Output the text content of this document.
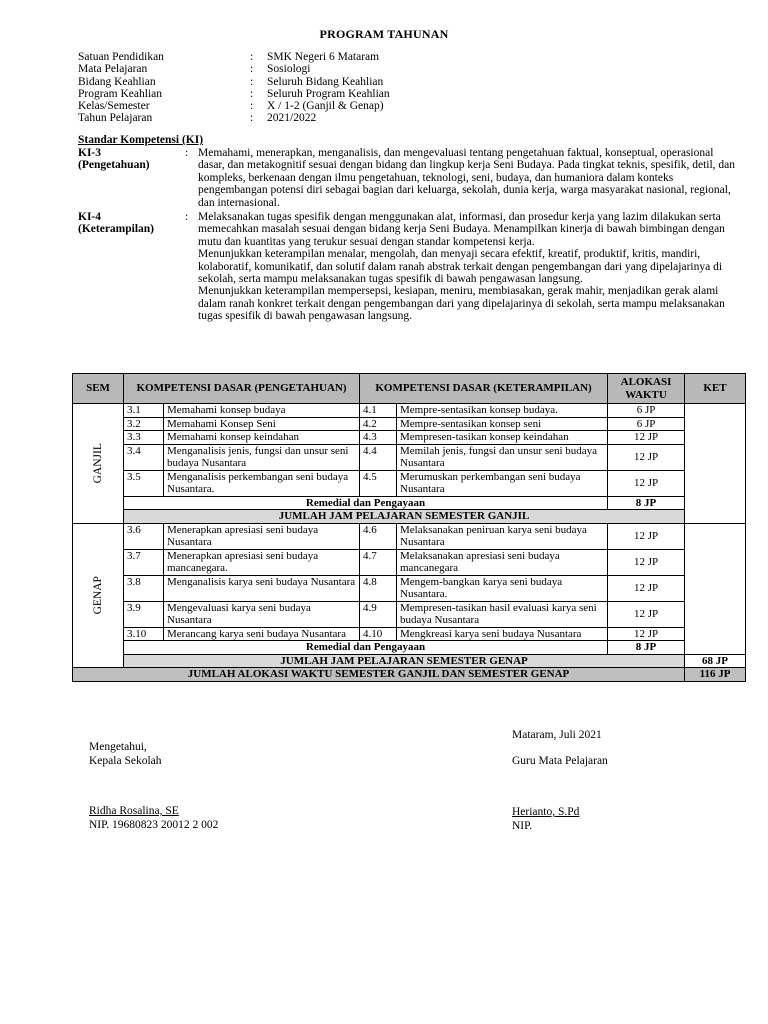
PROGRAM TAHUNAN
Satuan Pendidikan	:	SMK Negeri 6 Mataram
Mata Pelajaran	:	Sosiologi
Bidang Keahlian	:	Seluruh Bidang Keahlian
Program Keahlian	:	Seluruh Program Keahlian
Kelas/Semester	:	X / 1-2 (Ganjil & Genap)
Tahun Pelajaran	:	2021/2022
Standar Kompetensi (KI)
KI-3
(Pengetahuan)
: Memahami, menerapkan, menganalisis, dan mengevaluasi tentang pengetahuan faktual, konseptual, operasional dasar, dan metakognitif sesuai dengan bidang dan lingkup kerja Seni Budaya. Pada tingkat teknis, spesifik, detil, dan kompleks, berkenaan dengan ilmu pengetahuan, teknologi, seni, budaya, dan humaniora dalam konteks pengembangan potensi diri sebagai bagian dari keluarga, sekolah, dunia kerja, warga masyarakat nasional, regional, dan internasional.
KI-4
(Keterampilan)
: Melaksanakan tugas spesifik dengan menggunakan alat, informasi, dan prosedur kerja yang lazim dilakukan serta memecahkan masalah sesuai dengan bidang kerja Seni Budaya. Menampilkan kinerja di bawah bimbingan dengan mutu dan kuantitas yang terukur sesuai dengan standar kompetensi kerja.

Menunjukkan keterampilan menalar, mengolah, dan menyaji secara efektif, kreatif, produktif, kritis, mandiri, kolaboratif, komunikatif, dan solutif dalam ranah abstrak terkait dengan pengembangan dari yang dipelajarinya di sekolah, serta mampu melaksanakan tugas spesifik di bawah pengawasan langsung.

Menunjukkan keterampilan mempersepsi, kesiapan, meniru, membiasakan, gerak mahir, menjadikan gerak alami dalam ranah konkret terkait dengan pengembangan dari yang dipelajarinya di sekolah, serta mampu melaksanakan tugas spesifik di bawah pengawasan langsung.

SEM	KOMPETENSI DASAR (PENGETAHUAN)		KOMPETENSI DASAR (KETERAMPILAN)		ALOKASI WAKTU	KET
GANJIL	3.1	Memahami konsep budaya	4.1	Mempre-sentasikan konsep budaya.	6 JP	
	3.2	Memahami Konsep Seni	4.2	Mempre-sentasikan konsep seni	6 JP	
	3.3	Memahami konsep keindahan	4.3	Mempresen-tasikan konsep keindahan	12 JP	
	3.4	Menganalisis jenis, fungsi dan unsur seni budaya Nusantara	4.4	Memilah jenis, fungsi dan unsur seni budaya Nusantara	12 JP	
	3.5	Menganalisis perkembangan seni budaya Nusantara.	4.5	Merumuskan perkembangan seni budaya Nusantara	12 JP	
	Remedial dan Pengayaan				8 JP	
	JUMLAH JAM PELAJARAN SEMESTER GANJIL					
GENAP	3.6	Menerapkan apresiasi seni budaya Nusantara	4.6	Melaksanakan peniruan karya seni budaya Nusantara	12 JP	
	3.7	Menerapkan apresiasi seni budaya mancanegara.	4.7	Melaksanakan apresiasi seni budaya mancanegara	12 JP	
	3.8	Menganalisis karya seni budaya Nusantara	4.8	Mengem-bangkan karya seni budaya Nusantara.	12 JP	
	3.9	Mengevaluasi karya seni budaya Nusantara	4.9	Mempresen-tasikan hasil evaluasi karya seni budaya Nusantara	12 JP	
	3.10	Merancang karya seni budaya Nusantara	4.10	Mengkreasi karya seni budaya Nusantara	12 JP	
	Remedial dan Pengayaan				8 JP	
	JUMLAH JAM PELAJARAN SEMESTER GENAP					68 JP
JUMLAH ALOKASI WAKTU SEMESTER GANJIL DAN SEMESTER GENAP						116 JP
Mataram, Juli 2021
Mengetahui,
Kepala Sekolah	Guru Mata Pelajaran
Ridha Rosalina, SE
NIP. 19680823 20012 2 002
Herianto, S.Pd
NIP.
